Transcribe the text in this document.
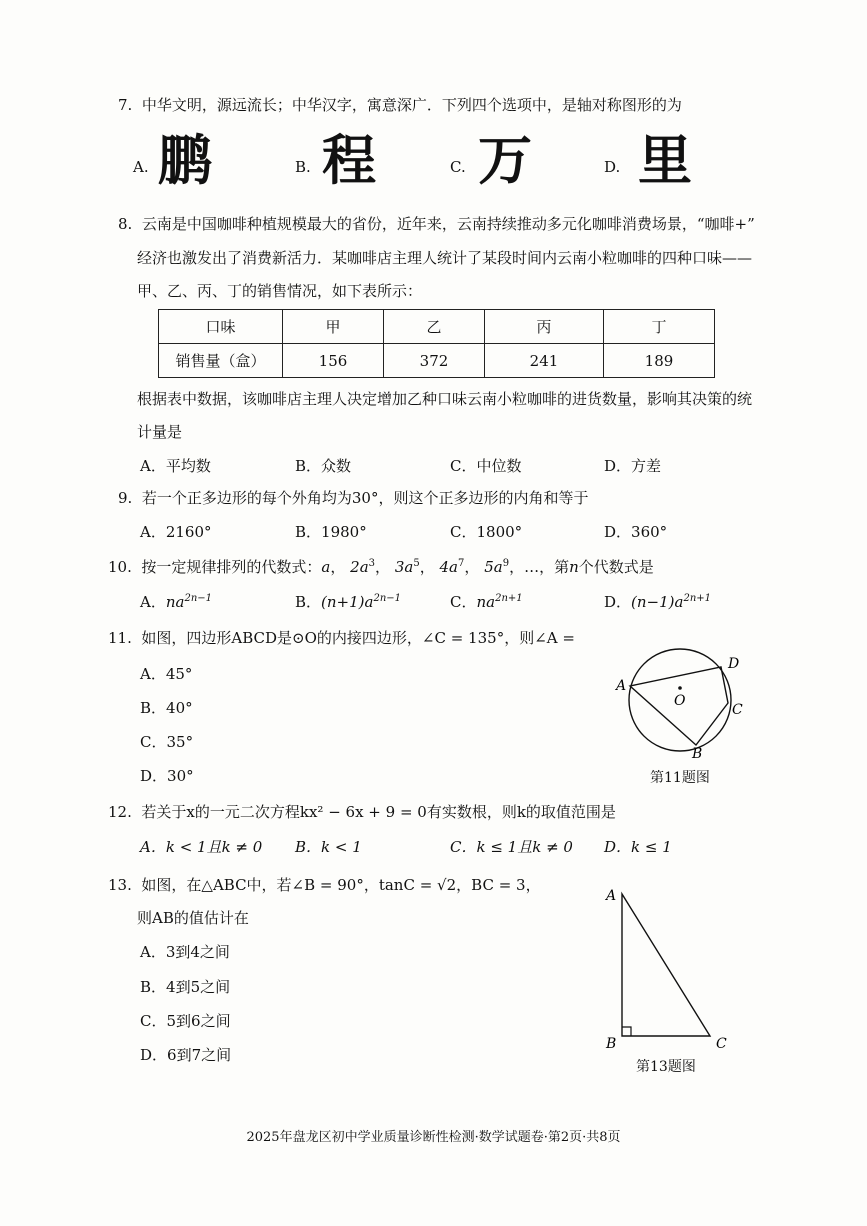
7. 中华文明，源远流长；中华汉字，寓意深广．下列四个选项中，是轴对称图形的为
A. 鹏	B. 程	C. 万	D. 里
8. 云南是中国咖啡种植规模最大的省份，近年来，云南持续推动多元化咖啡消费场景，“咖啡+”
经济也激发出了消费新活力．某咖啡店主理人统计了某段时间内云南小粒咖啡的四种口味——
甲、乙、丙、丁的销售情况，如下表所示：
口味	甲	乙	丙	丁
销售量（盒）	156	372	241	189
根据表中数据，该咖啡店主理人决定增加乙种口味云南小粒咖啡的进货数量，影响其决策的统
计量是
A．平均数	B．众数	C．中位数	D．方差
9. 若一个正多边形的每个外角均为30°，则这个正多边形的内角和等于
A．2160°	B．1980°	C．1800°	D．360°
10. 按一定规律排列的代数式：a， $2a^3$， $3a^5$， $4a^7$， $5a^9$，…，第n个代数式是
A．$na^{2n-1}$	B．$(n+1)a^{2n-1}$	C．$na^{2n+1}$	D．$(n-1)a^{2n+1}$
11. 如图，四边形ABCD是⊙O的内接四边形，∠C = 135°，则∠A =
A．45°
B．40°
C．35°
D．30°
A
D
C
B
O
第11题图
12. 若关于x的一元二次方程kx² − 6x + 9 = 0有实数根，则k的取值范围是
A．k < 1且k ≠ 0 B．k < 1	C．k ≤ 1且k ≠ 0 D．k ≤ 1
13. 如图，在△ABC中，若∠B = 90°，tanC = √2，BC = 3，
则AB的值估计在
A．3到4之间
B．4到5之间
C．5到6之间
D．6到7之间
A
B	C
第13题图
2025年盘龙区初中学业质量诊断性检测·数学试题卷·第2页·共8页
